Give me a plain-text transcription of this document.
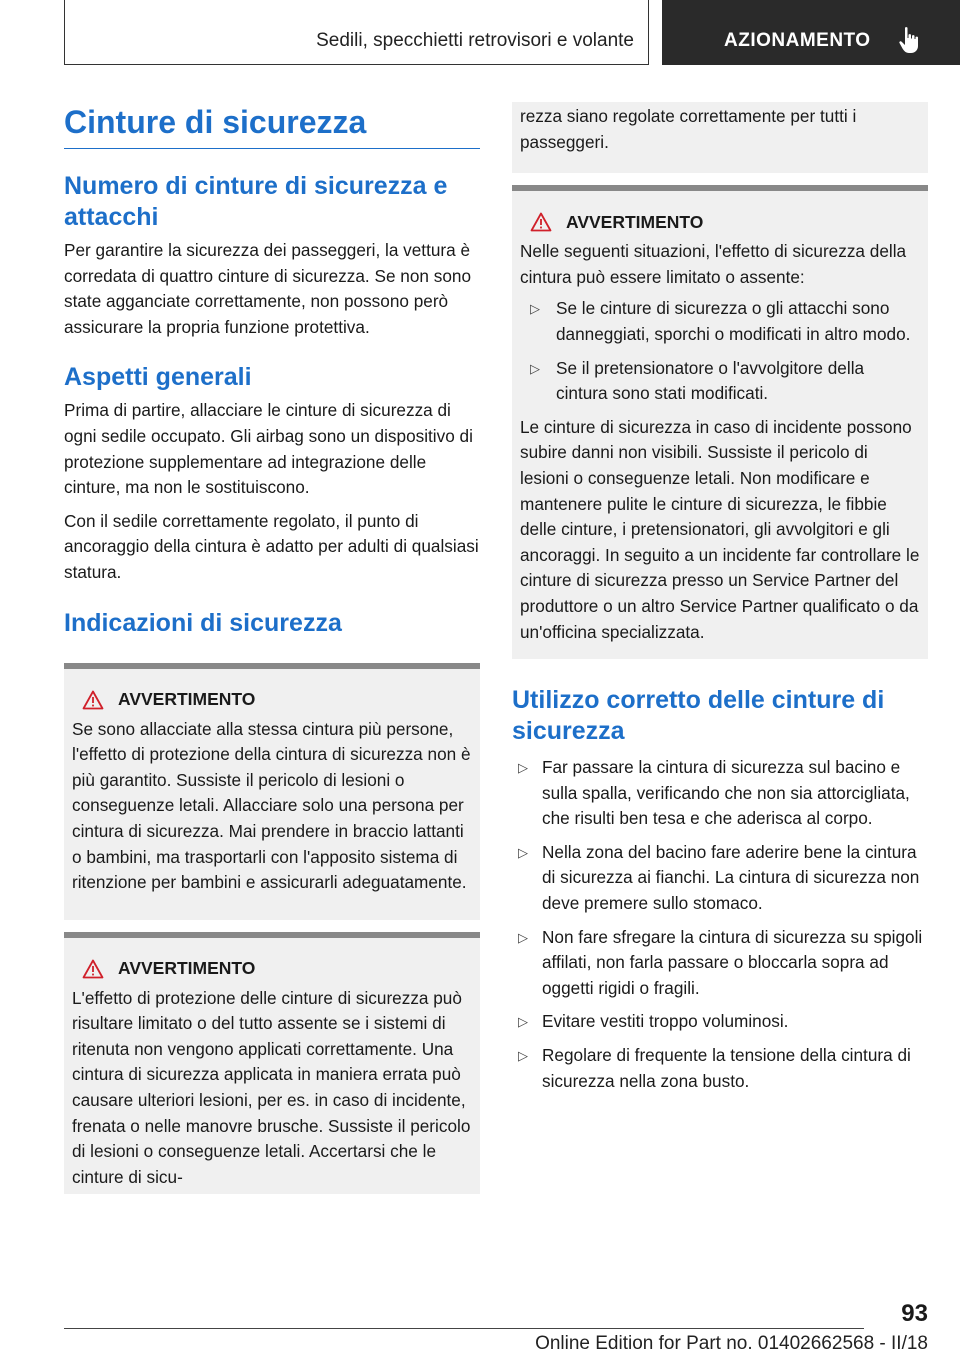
Sedili, specchietti retrovisori e volante	AZIONAMENTO
Cinture di sicurezza
Numero di cinture di sicurezza e attacchi

Per garantire la sicurezza dei passeggeri, la vettura è corredata di quattro cinture di sicurezza. Se non sono state agganciate correttamente, non possono però assicurare la propria funzione protettiva.

Aspetti generali

Prima di partire, allacciare le cinture di sicurezza di ogni sedile occupato. Gli airbag sono un dispositivo di protezione supplementare ad integrazione delle cinture, ma non le sostituiscono.

Con il sedile correttamente regolato, il punto di ancoraggio della cintura è adatto per adulti di qualsiasi statura.

Indicazioni di sicurezza
AVVERTIMENTO

Se sono allacciate alla stessa cintura più persone, l'effetto di protezione della cintura di sicurezza non è più garantito. Sussiste il pericolo di lesioni o conseguenze letali. Allacciare solo una persona per cintura di sicurezza. Mai prendere in braccio lattanti o bambini, ma trasportarli con l'apposito sistema di ritenzione per bambini e assicurarli adeguatamente.

AVVERTIMENTO

L'effetto di protezione delle cinture di sicurezza può risultare limitato o del tutto assente se i sistemi di ritenuta non vengono applicati correttamente. Una cintura di sicurezza applicata in maniera errata può causare ulteriori lesioni, per es. in caso di incidente, frenata o nelle manovre brusche. Sussiste il pericolo di lesioni o conseguenze letali. Accertarsi che le cinture di sicu-

rezza siano regolate correttamente per tutti i passeggeri.

AVVERTIMENTO

Nelle seguenti situazioni, l'effetto di sicurezza della cintura può essere limitato o assente:

▷ Se le cinture di sicurezza o gli attacchi sono danneggiati, sporchi o modificati in altro modo.
▷ Se il pretensionatore o l'avvolgitore della cintura sono stati modificati.

Le cinture di sicurezza in caso di incidente possono subire danni non visibili. Sussiste il pericolo di lesioni o conseguenze letali. Non modificare e mantenere pulite le cinture di sicurezza, le fibbie delle cinture, i pretensionatori, gli avvolgitori e gli ancoraggi. In seguito a un incidente far controllare le cinture di sicurezza presso un Service Partner del produttore o un altro Service Partner qualificato o da un'officina specializzata.

Utilizzo corretto delle cinture di sicurezza
▷ Far passare la cintura di sicurezza sul bacino e sulla spalla, verificando che non sia attorcigliata, che risulti ben tesa e che aderisca al corpo.
▷ Nella zona del bacino fare aderire bene la cintura di sicurezza ai fianchi. La cintura di sicurezza non deve premere sullo stomaco.
▷ Non fare sfregare la cintura di sicurezza su spigoli affilati, non farla passare o bloccarla sopra ad oggetti rigidi o fragili.
▷ Evitare vestiti troppo voluminosi.
▷ Regolare di frequente la tensione della cintura di sicurezza nella zona busto.
93
Online Edition for Part no. 01402662568 - II/18
